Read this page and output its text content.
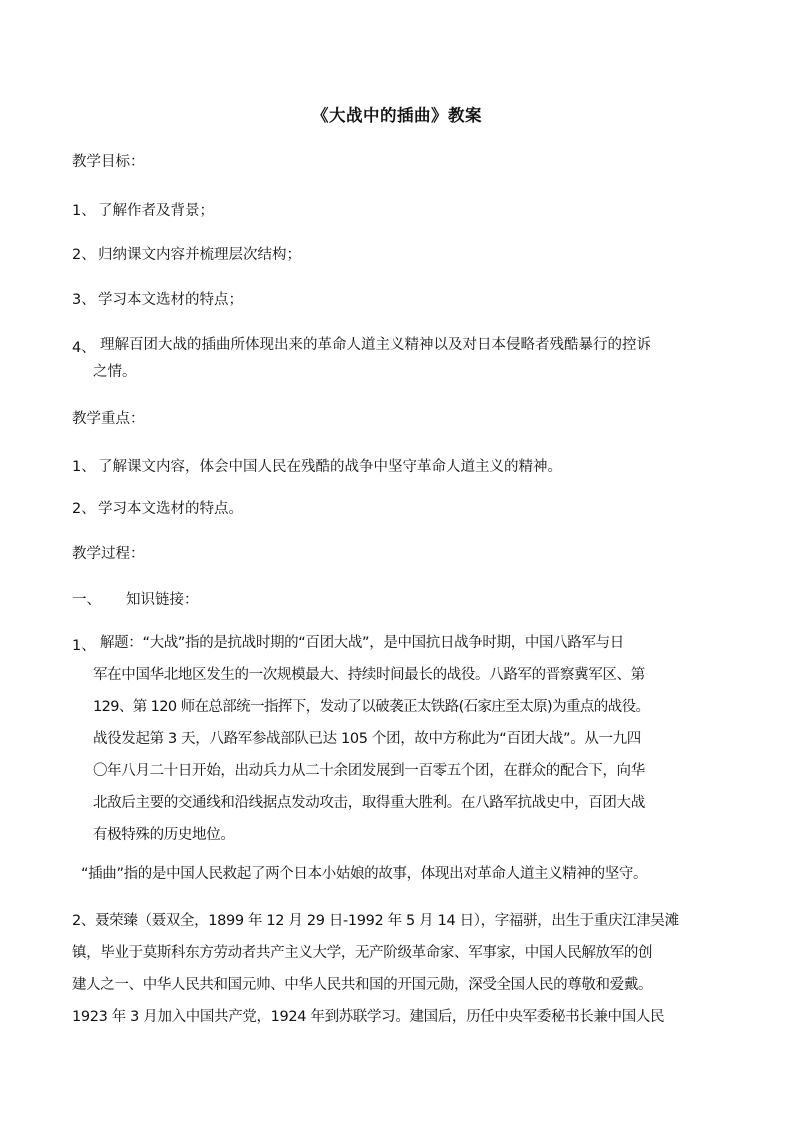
《大战中的插曲》教案
教学目标：
1、 了解作者及背景；
2、 归纳课文内容并梳理层次结构；
3、 学习本文选材的特点；
4、 理解百团大战的插曲所体现出来的革命人道主义精神以及对日本侵略者残酷暴行的控诉
之情。
教学重点：
1、 了解课文内容，体会中国人民在残酷的战争中坚守革命人道主义的精神。
2、 学习本文选材的特点。
教学过程：
一、 知识链接：
1、 解题：“大战”指的是抗战时期的“百团大战”，是中国抗日战争时期，中国八路军与日
军在中国华北地区发生的一次规模最大、持续时间最长的战役。八路军的晋察冀军区、第
129、第 120 师在总部统一指挥下，发动了以破袭正太铁路(石家庄至太原)为重点的战役。
战役发起第 3 天，八路军参战部队已达 105 个团，故中方称此为“百团大战”。从一九四
〇年八月二十日开始，出动兵力从二十余团发展到一百零五个团，在群众的配合下，向华
北敌后主要的交通线和沿线据点发动攻击，取得重大胜利。在八路军抗战史中，百团大战
有极特殊的历史地位。
“插曲”指的是中国人民救起了两个日本小姑娘的故事，体现出对革命人道主义精神的坚守。
2、聂荣臻（聂双全，1899 年 12 月 29 日-1992 年 5 月 14 日），字福骈，出生于重庆江津吴滩
镇，毕业于莫斯科东方劳动者共产主义大学，无产阶级革命家、军事家，中国人民解放军的创
建人之一、中华人民共和国元帅、中华人民共和国的开国元勋，深受全国人民的尊敬和爱戴。
1923 年 3 月加入中国共产党，1924 年到苏联学习。建国后，历任中央军委秘书长兼中国人民
